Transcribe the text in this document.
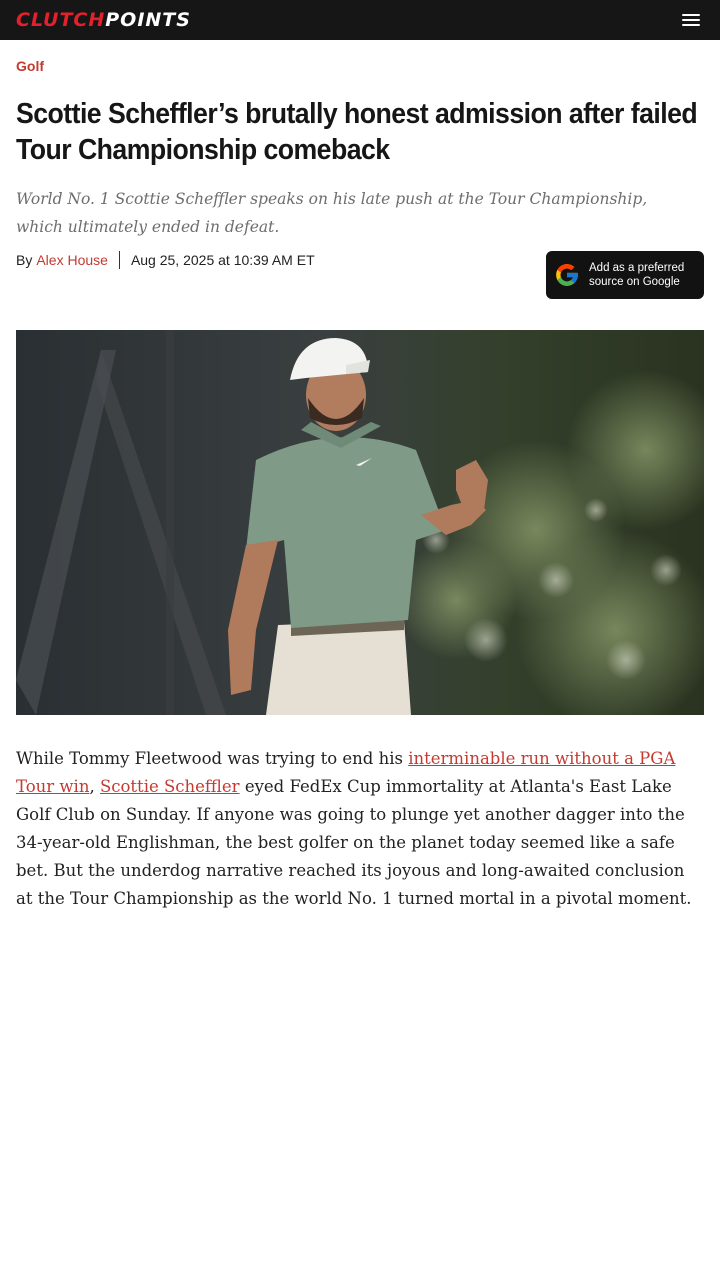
CLUTCH POINTS
Golf
Scottie Scheffler’s brutally honest admission after failed Tour Championship comeback

World No. 1 Scottie Scheffler speaks on his late push at the Tour Championship, which ultimately ended in defeat.

By Alex House Aug 25, 2025 at 10:39 AM ET	Add as a preferred
source on Google

While Tommy Fleetwood was trying to end his interminable run without a PGA Tour win, Scottie Scheffler eyed FedEx Cup immortality at Atlanta's East Lake Golf Club on Sunday. If anyone was going to plunge yet another dagger into the 34-year-old Englishman, the best golfer on the planet today seemed like a safe bet. But the underdog narrative reached its joyous and long-awaited conclusion at the Tour Championship as the world No. 1 turned mortal in a pivotal moment.
